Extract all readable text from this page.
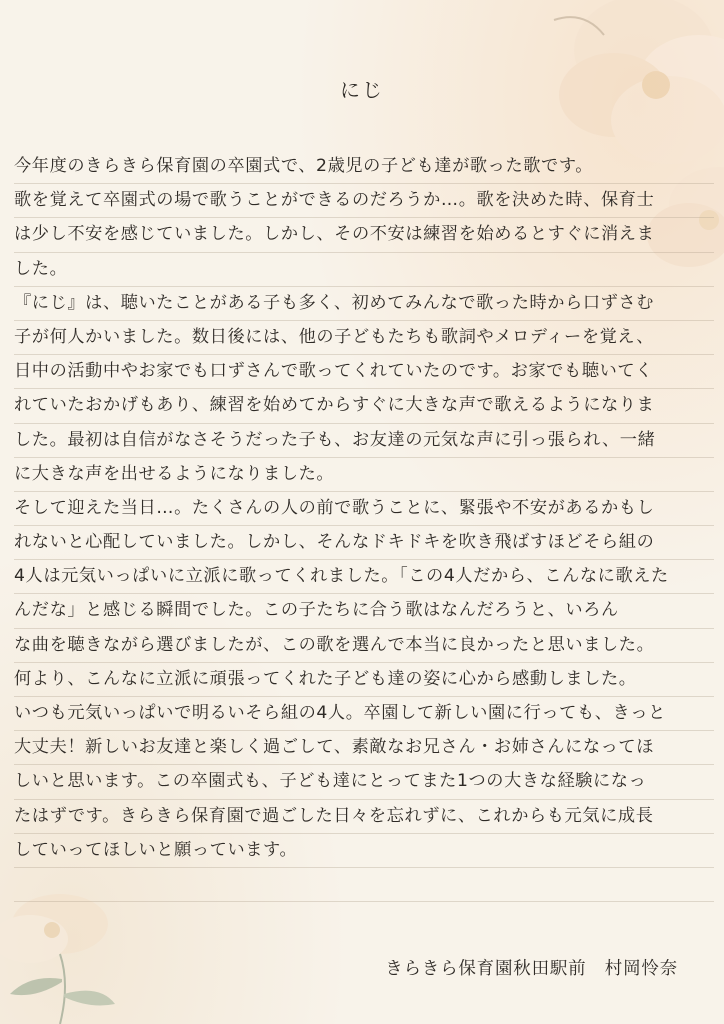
にじ
今年度のきらきら保育園の卒園式で、2歳児の子ども達が歌った歌です。
歌を覚えて卒園式の場で歌うことができるのだろうか…。歌を決めた時、保育士
は少し不安を感じていました。しかし、その不安は練習を始めるとすぐに消えま
した。
『にじ』は、聴いたことがある子も多く、初めてみんなで歌った時から口ずさむ
子が何人かいました。数日後には、他の子どもたちも歌詞やメロディーを覚え、
日中の活動中やお家でも口ずさんで歌ってくれていたのです。お家でも聴いてく
れていたおかげもあり、練習を始めてからすぐに大きな声で歌えるようになりま
した。最初は自信がなさそうだった子も、お友達の元気な声に引っ張られ、一緒
に大きな声を出せるようになりました。
そして迎えた当日…。たくさんの人の前で歌うことに、緊張や不安があるかもし
れないと心配していました。しかし、そんなドキドキを吹き飛ばすほどそら組の
4人は元気いっぱいに立派に歌ってくれました。「この4人だから、こんなに歌えた
んだな」と感じる瞬間でした。この子たちに合う歌はなんだろうと、いろん
な曲を聴きながら選びましたが、この歌を選んで本当に良かったと思いました。
何より、こんなに立派に頑張ってくれた子ども達の姿に心から感動しました。
いつも元気いっぱいで明るいそら組の4人。卒園して新しい園に行っても、きっと
大丈夫！新しいお友達と楽しく過ごして、素敵なお兄さん・お姉さんになってほ
しいと思います。この卒園式も、子ども達にとってまた1つの大きな経験になっ
たはずです。きらきら保育園で過ごした日々を忘れずに、これからも元気に成長
していってほしいと願っています。
きらきら保育園秋田駅前　村岡怜奈
